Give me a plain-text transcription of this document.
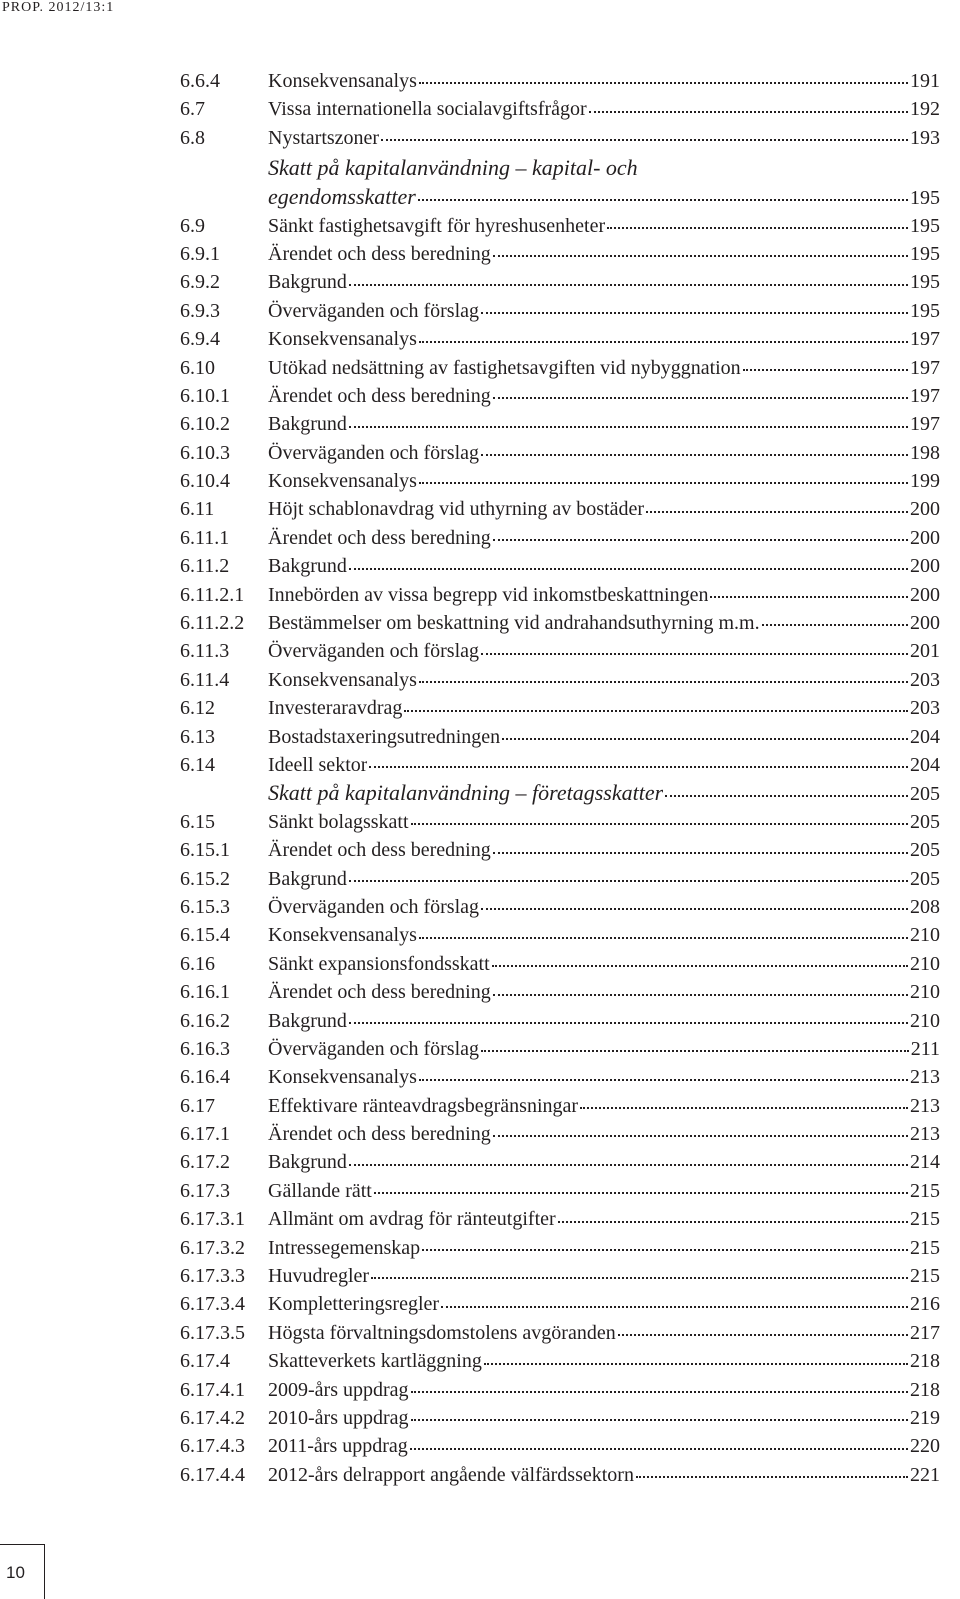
PROP. 2012/13:1
6.6.4	Konsekvensanalys	191
6.7	Vissa internationella socialavgiftsfrågor	192
6.8	Nystartszoner	193
Skatt på kapitalanvändning – kapital- och
egendomsskatter	195
6.9	Sänkt fastighetsavgift för hyreshusenheter	195
6.9.1	Ärendet och dess beredning	195
6.9.2	Bakgrund	195
6.9.3	Överväganden och förslag	195
6.9.4	Konsekvensanalys	197
6.10	Utökad nedsättning av fastighetsavgiften vid nybyggnation	197
6.10.1	Ärendet och dess beredning	197
6.10.2	Bakgrund	197
6.10.3	Överväganden och förslag	198
6.10.4	Konsekvensanalys	199
6.11	Höjt schablonavdrag vid uthyrning av bostäder	200
6.11.1	Ärendet och dess beredning	200
6.11.2	Bakgrund	200
6.11.2.1	Innebörden av vissa begrepp vid inkomstbeskattningen	200
6.11.2.2	Bestämmelser om beskattning vid andrahandsuthyrning m.m.	200
6.11.3	Överväganden och förslag	201
6.11.4	Konsekvensanalys	203
6.12	Investeraravdrag	203
6.13	Bostadstaxeringsutredningen	204
6.14	Ideell sektor	204
Skatt på kapitalanvändning – företagsskatter	205
6.15	Sänkt bolagsskatt	205
6.15.1	Ärendet och dess beredning	205
6.15.2	Bakgrund	205
6.15.3	Överväganden och förslag	208
6.15.4	Konsekvensanalys	210
6.16	Sänkt expansionsfondsskatt	210
6.16.1	Ärendet och dess beredning	210
6.16.2	Bakgrund	210
6.16.3	Överväganden och förslag	211
6.16.4	Konsekvensanalys	213
6.17	Effektivare ränteavdragsbegränsningar	213
6.17.1	Ärendet och dess beredning	213
6.17.2	Bakgrund	214
6.17.3	Gällande rätt	215
6.17.3.1	Allmänt om avdrag för ränteutgifter	215
6.17.3.2	Intressegemenskap	215
6.17.3.3	Huvudregler	215
6.17.3.4	Kompletteringsregler	216
6.17.3.5	Högsta förvaltningsdomstolens avgöranden	217
6.17.4	Skatteverkets kartläggning	218
6.17.4.1	2009-års uppdrag	218
6.17.4.2	2010-års uppdrag	219
6.17.4.3	2011-års uppdrag	220
6.17.4.4	2012-års delrapport angående välfärdssektorn	221
10
